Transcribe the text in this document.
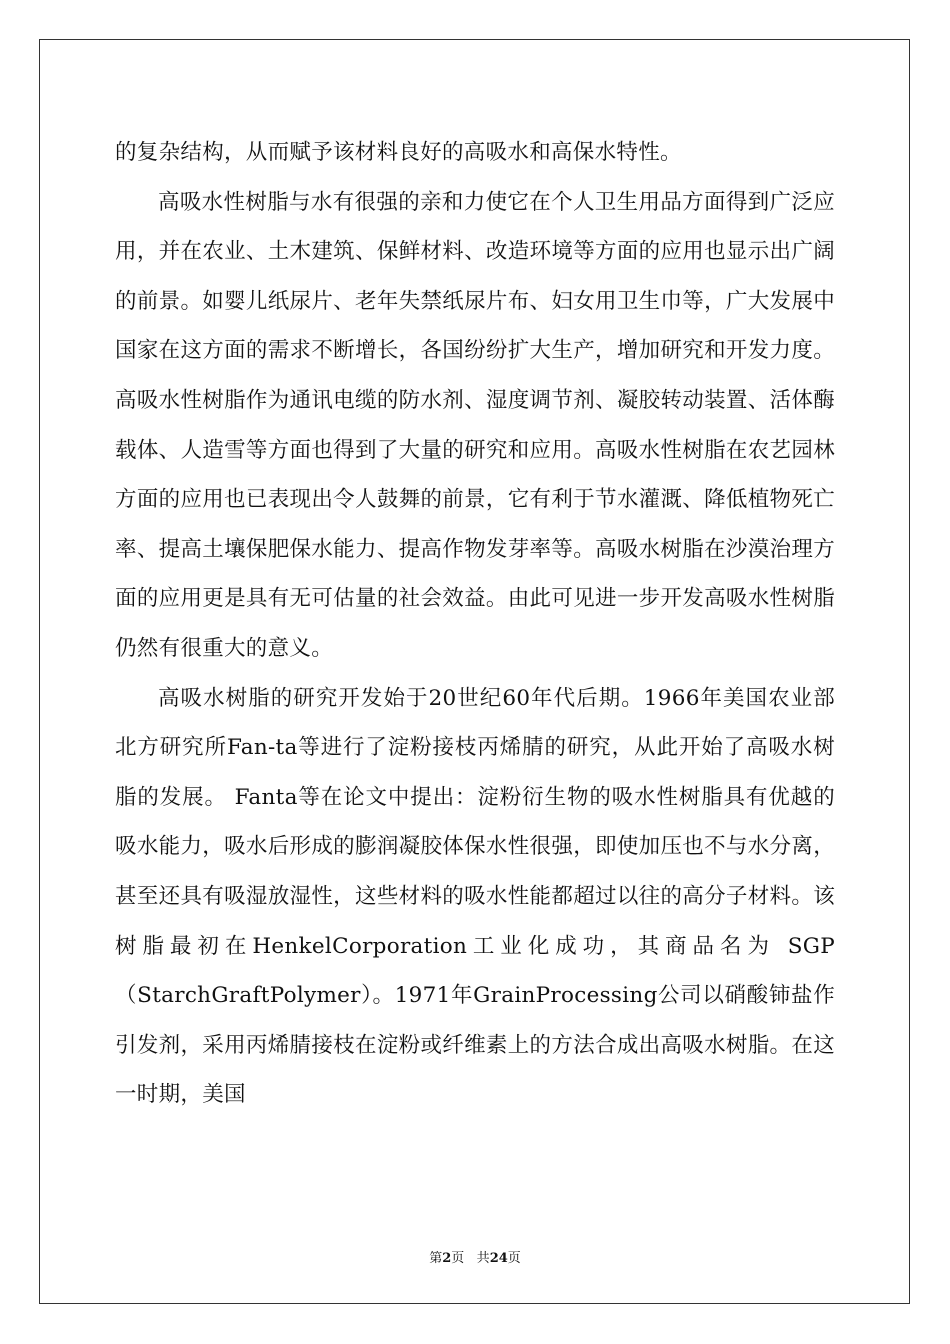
的复杂结构，从而赋予该材料良好的高吸水和高保水特性。

高吸水性树脂与水有很强的亲和力使它在个人卫生用品方面得到广泛应用，并在农业、土木建筑、保鲜材料、改造环境等方面的应用也显示出广阔的前景。如婴儿纸尿片、老年失禁纸尿片布、妇女用卫生巾等，广大发展中国家在这方面的需求不断增长，各国纷纷扩大生产，增加研究和开发力度。高吸水性树脂作为通讯电缆的防水剂、湿度调节剂、凝胶转动装置、活体酶载体、人造雪等方面也得到了大量的研究和应用。高吸水性树脂在农艺园林方面的应用也已表现出令人鼓舞的前景，它有利于节水灌溉、降低植物死亡率、提高土壤保肥保水能力、提高作物发芽率等。高吸水树脂在沙漠治理方面的应用更是具有无可估量的社会效益。由此可见进一步开发高吸水性树脂仍然有很重大的意义。

高吸水树脂的研究开发始于20世纪60年代后期。1966年美国农业部北方研究所Fan-ta等进行了淀粉接枝丙烯腈的研究，从此开始了高吸水树脂的发展。 Fanta等在论文中提出：淀粉衍生物的吸水性树脂具有优越的吸水能力，吸水后形成的膨润凝胶体保水性很强，即使加压也不与水分离，甚至还具有吸湿放湿性，这些材料的吸水性能都超过以往的高分子材料。该树脂最初在HenkelCorporation工业化成功，其商品名为 SGP（StarchGraftPolymer）。1971年GrainProcessing公司以硝酸铈盐作引发剂，采用丙烯腈接枝在淀粉或纤维素上的方法合成出高吸水树脂。在这一时期，美国

第2页 共24页
